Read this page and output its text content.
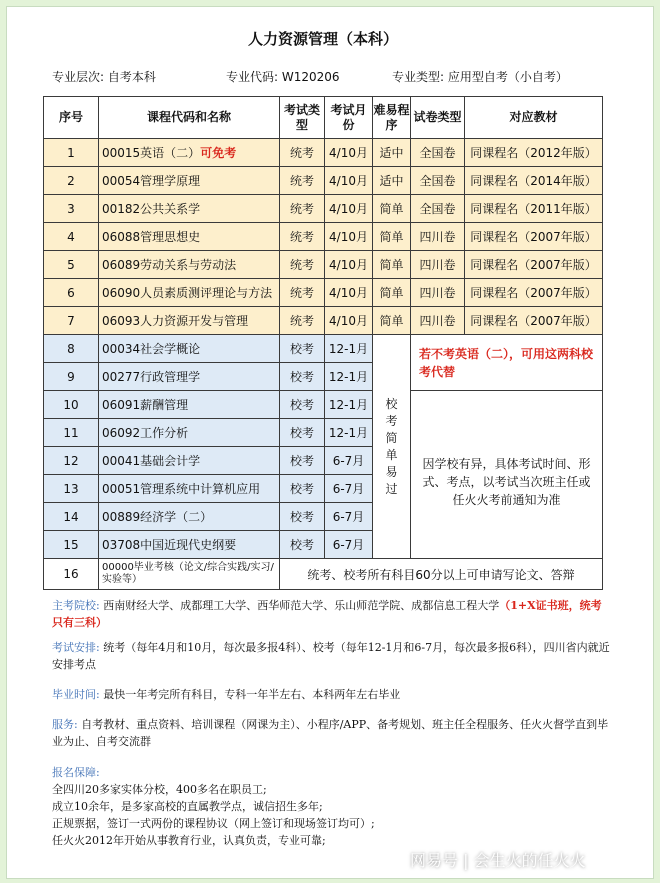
人力资源管理（本科）
专业层次: 自考本科	专业代码: W120206	专业类型: 应用型自考（小自考）
序号	课程代码和名称	考试类型	考试月份	难易程序	试卷类型	对应教材
1	00015英语（二）可免考	统考	4/10月	适中	全国卷	同课程名（2012年版）
2	00054管理学原理	统考	4/10月	适中	全国卷	同课程名（2014年版）
3	00182公共关系学	统考	4/10月	简单	全国卷	同课程名（2011年版）
4	06088管理思想史	统考	4/10月	简单	四川卷	同课程名（2007年版）
5	06089劳动关系与劳动法	统考	4/10月	简单	四川卷	同课程名（2007年版）
6	06090人员素质测评理论与方法	统考	4/10月	简单	四川卷	同课程名（2007年版）
7	06093人力资源开发与管理	统考	4/10月	简单	四川卷	同课程名（2007年版）
8	00034社会学概论	校考	12-1月	校考简单易过	若不考英语（二），可用这两科校考代替	
9	00277行政管理学	校考	12-1月			
10	06091薪酬管理	校考	12-1月		因学校有异，具体考试时间、形式、考点，以考试当次班主任或任火火考前通知为准	
11	06092工作分析	校考	12-1月			
12	00041基础会计学	校考	6-7月			
13	00051管理系统中计算机应用	校考	6-7月			
14	00889经济学（二）	校考	6-7月			
15	03708中国近现代史纲要	校考	6-7月			
16	00000毕业考核（论文/综合实践/实习/实验等）	统考、校考所有科目60分以上可申请写论文、答辩				
主考院校: 西南财经大学、成都理工大学、西华师范大学、乐山师范学院、成都信息工程大学（1+X证书班，统考只有三科）
考试安排: 统考（每年4月和10月，每次最多报4科）、校考（每年12-1月和6-7月，每次最多报6科），四川省内就近安排考点
毕业时间: 最快一年考完所有科目，专科一年半左右、本科两年左右毕业
服务: 自考教材、重点资料、培训课程（网课为主）、小程序/APP、备考规划、班主任全程服务、任火火督学直到毕业为止、自考交流群
报名保障:
全四川20多家实体分校，400多名在职员工;
成立10余年，是多家高校的直属教学点，诚信招生多年;
正规票据，签订一式两份的课程协议（网上签订和现场签订均可）;
任火火2012年开始从事教育行业，认真负责，专业可靠;
网易号 | 会生火的任火火
